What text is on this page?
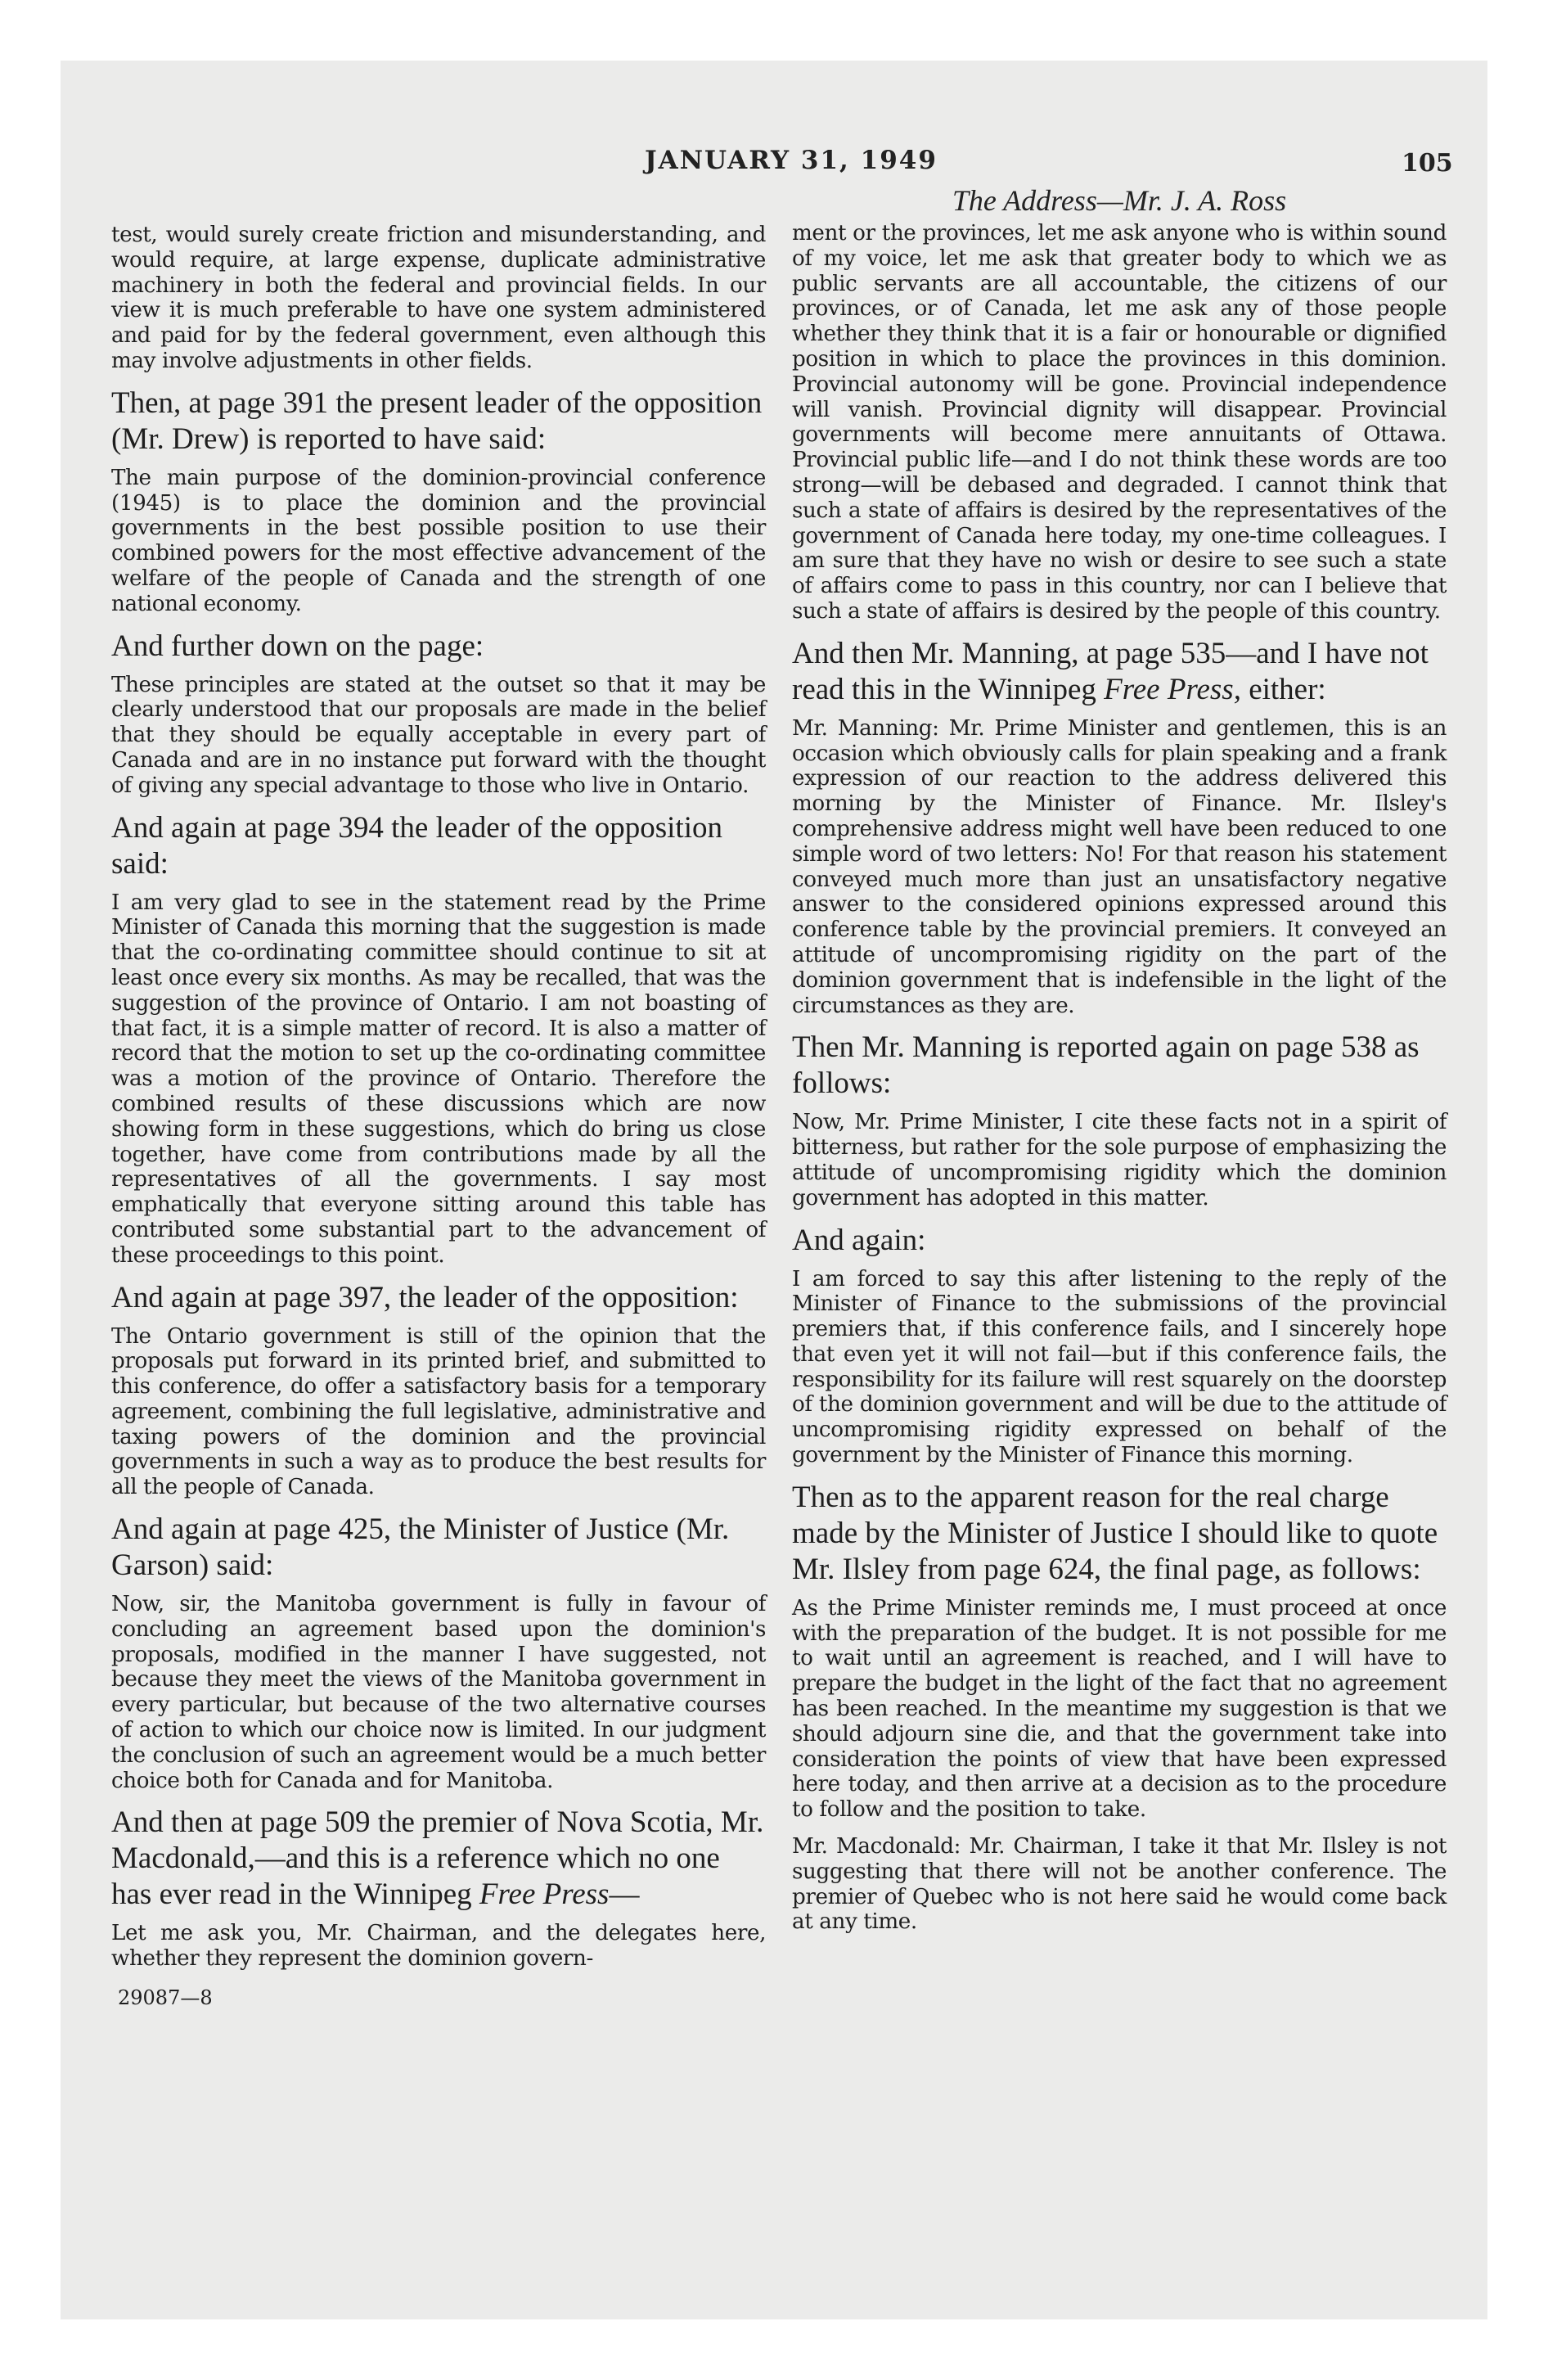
JANUARY 31, 1949	105

test, would surely create friction and misunderstanding, and would require, at large expense, duplicate administrative machinery in both the federal and provincial fields. In our view it is much preferable to have one system administered and paid for by the federal government, even although this may involve adjustments in other fields.

Then, at page 391 the present leader of the opposition (Mr. Drew) is reported to have said:

The main purpose of the dominion-provincial conference (1945) is to place the dominion and the provincial governments in the best possible position to use their combined powers for the most effective advancement of the welfare of the people of Canada and the strength of one national economy.

And further down on the page:

These principles are stated at the outset so that it may be clearly understood that our proposals are made in the belief that they should be equally acceptable in every part of Canada and are in no instance put forward with the thought of giving any special advantage to those who live in Ontario.

And again at page 394 the leader of the opposition said:

I am very glad to see in the statement read by the Prime Minister of Canada this morning that the suggestion is made that the co-ordinating committee should continue to sit at least once every six months. As may be recalled, that was the suggestion of the province of Ontario. I am not boasting of that fact, it is a simple matter of record. It is also a matter of record that the motion to set up the co-ordinating committee was a motion of the province of Ontario. Therefore the combined results of these discussions which are now showing form in these suggestions, which do bring us close together, have come from contributions made by all the representatives of all the governments. I say most emphatically that everyone sitting around this table has contributed some substantial part to the advancement of these proceedings to this point.

And again at page 397, the leader of the opposition:

The Ontario government is still of the opinion that the proposals put forward in its printed brief, and submitted to this conference, do offer a satisfactory basis for a temporary agreement, combining the full legislative, administrative and taxing powers of the dominion and the provincial governments in such a way as to produce the best results for all the people of Canada.

And again at page 425, the Minister of Justice (Mr. Garson) said:

Now, sir, the Manitoba government is fully in favour of concluding an agreement based upon the dominion's proposals, modified in the manner I have suggested, not because they meet the views of the Manitoba government in every particular, but because of the two alternative courses of action to which our choice now is limited. In our judgment the conclusion of such an agreement would be a much better choice both for Canada and for Manitoba.

And then at page 509 the premier of Nova Scotia, Mr. Macdonald,—and this is a reference which no one has ever read in the Winnipeg Free Press—

Let me ask you, Mr. Chairman, and the delegates here, whether they represent the dominion govern-

29087—8
The Address—Mr. J. A. Ross

ment or the provinces, let me ask anyone who is within sound of my voice, let me ask that greater body to which we as public servants are all accountable, the citizens of our provinces, or of Canada, let me ask any of those people whether they think that it is a fair or honourable or dignified position in which to place the provinces in this dominion. Provincial autonomy will be gone. Provincial independence will vanish. Provincial dignity will disappear. Provincial governments will become mere annuitants of Ottawa. Provincial public life—and I do not think these words are too strong—will be debased and degraded. I cannot think that such a state of affairs is desired by the representatives of the government of Canada here today, my one-time colleagues. I am sure that they have no wish or desire to see such a state of affairs come to pass in this country, nor can I believe that such a state of affairs is desired by the people of this country.

And then Mr. Manning, at page 535—and I have not read this in the Winnipeg Free Press, either:

Mr. Manning: Mr. Prime Minister and gentlemen, this is an occasion which obviously calls for plain speaking and a frank expression of our reaction to the address delivered this morning by the Minister of Finance. Mr. Ilsley's comprehensive address might well have been reduced to one simple word of two letters: No! For that reason his statement conveyed much more than just an unsatisfactory negative answer to the considered opinions expressed around this conference table by the provincial premiers. It conveyed an attitude of uncompromising rigidity on the part of the dominion government that is indefensible in the light of the circumstances as they are.

Then Mr. Manning is reported again on page 538 as follows:

Now, Mr. Prime Minister, I cite these facts not in a spirit of bitterness, but rather for the sole purpose of emphasizing the attitude of uncompromising rigidity which the dominion government has adopted in this matter.

And again:

I am forced to say this after listening to the reply of the Minister of Finance to the submissions of the provincial premiers that, if this conference fails, and I sincerely hope that even yet it will not fail—but if this conference fails, the responsibility for its failure will rest squarely on the doorstep of the dominion government and will be due to the attitude of uncompromising rigidity expressed on behalf of the government by the Minister of Finance this morning.

Then as to the apparent reason for the real charge made by the Minister of Justice I should like to quote Mr. Ilsley from page 624, the final page, as follows:

As the Prime Minister reminds me, I must proceed at once with the preparation of the budget. It is not possible for me to wait until an agreement is reached, and I will have to prepare the budget in the light of the fact that no agreement has been reached. In the meantime my suggestion is that we should adjourn sine die, and that the government take into consideration the points of view that have been expressed here today, and then arrive at a decision as to the procedure to follow and the position to take.

Mr. Macdonald: Mr. Chairman, I take it that Mr. Ilsley is not suggesting that there will not be another conference. The premier of Quebec who is not here said he would come back at any time.
